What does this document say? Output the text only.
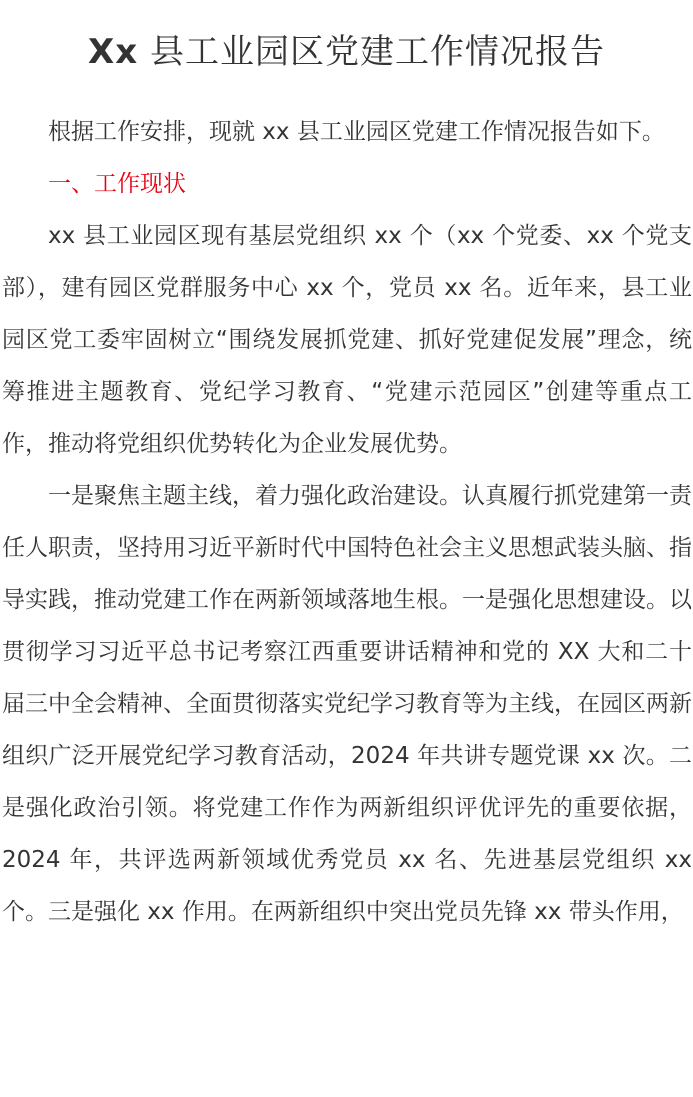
Xx 县工业园区党建工作情况报告

根据工作安排，现就 xx 县工业园区党建工作情况报告如下。

一、工作现状

xx 县工业园区现有基层党组织 xx 个（xx 个党委、xx 个党支部），建有园区党群服务中心 xx 个，党员 xx 名。近年来，县工业园区党工委牢固树立“围绕发展抓党建、抓好党建促发展”理念，统筹推进主题教育、党纪学习教育、“党建示范园区”创建等重点工作，推动将党组织优势转化为企业发展优势。

一是聚焦主题主线，着力强化政治建设。认真履行抓党建第一责任人职责，坚持用习近平新时代中国特色社会主义思想武装头脑、指导实践，推动党建工作在两新领域落地生根。一是强化思想建设。以贯彻学习习近平总书记考察江西重要讲话精神和党的 XX 大和二十届三中全会精神、全面贯彻落实党纪学习教育等为主线，在园区两新组织广泛开展党纪学习教育活动，2024 年共讲专题党课 xx 次。二是强化政治引领。将党建工作作为两新组织评优评先的重要依据，2024 年，共评选两新领域优秀党员 xx 名、先进基层党组织 xx 个。三是强化 xx 作用。在两新组织中突出党员先锋 xx 带头作用，
